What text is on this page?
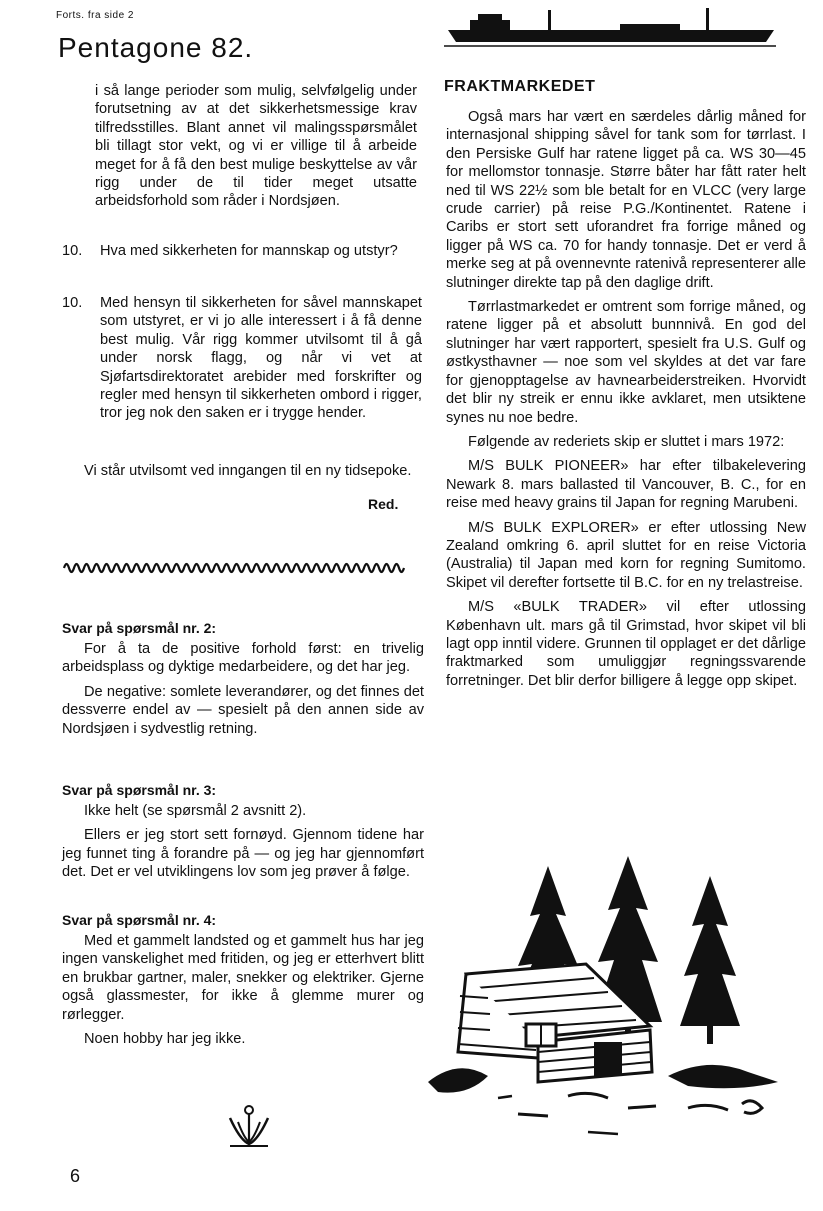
Forts. fra side 2
Pentagone 82.

i så lange perioder som mulig, selvfølgelig under forutsetning av at det sikkerhetsmessige krav tilfredsstilles. Blant annet vil malingsspørsmålet bli tillagt stor vekt, og vi er villige til å arbeide meget for å få den best mulige beskyttelse av vår rigg under de til tider meget utsatte arbeidsforhold som råder i Nordsjøen.

10. Hva med sikkerheten for mannskap og utstyr?
10. Med hensyn til sikkerheten for såvel mannskapet som utstyret, er vi jo alle interessert i å få denne best mulig. Vår rigg kommer utvilsomt til å gå under norsk flagg, og når vi vet at Sjøfartsdirektoratet arebider med forskrifter og regler med hensyn til sikkerheten ombord i rigger, tror jeg nok den saken er i trygge hender.

Vi står utvilsomt ved inngangen til en ny tidsepoke.

Red.
Svar på spørsmål nr. 2:

For å ta de positive forhold først: en trivelig arbeidsplass og dyktige medarbeidere, og det har jeg.

De negative: somlete leverandører, og det finnes det dessverre endel av — spesielt på den annen side av Nordsjøen i sydvestlig retning.

Svar på spørsmål nr. 3:

Ikke helt (se spørsmål 2 avsnitt 2).

Ellers er jeg stort sett fornøyd. Gjennom tidene har jeg funnet ting å forandre på — og jeg har gjennomført det. Det er vel utviklingens lov som jeg prøver å følge.

Svar på spørsmål nr. 4:

Med et gammelt landsted og et gammelt hus har jeg ingen vanskelighet med fritiden, og jeg er etterhvert blitt en brukbar gartner, maler, snekker og elektriker. Gjerne også glassmester, for ikke å glemme murer og rørlegger.

Noen hobby har jeg ikke.

6
FRAKTMARKEDET

Også mars har vært en særdeles dårlig måned for internasjonal shipping såvel for tank som for tørrlast. I den Persiske Gulf har ratene ligget på ca. WS 30—45 for mellomstor tonnasje. Større båter har fått rater helt ned til WS 22½ som ble betalt for en VLCC (very large crude carrier) på reise P.G./Kontinentet. Ratene i Caribs er stort sett uforandret fra forrige måned og ligger på WS ca. 70 for handy tonnasje. Det er verd å merke seg at på ovennevnte ratenivå representerer alle slutninger direkte tap på den daglige drift.

Tørrlastmarkedet er omtrent som forrige måned, og ratene ligger på et absolutt bunnnivå. En god del slutninger har vært rapportert, spesielt fra U.S. Gulf og østkysthavner — noe som vel skyldes at det var fare for gjenopptagelse av havnearbeiderstreiken. Hvorvidt det blir ny streik er ennu ikke avklaret, men utsiktene synes nu noe bedre.

Følgende av rederiets skip er sluttet i mars 1972:

M/S BULK PIONEER» har efter tilbakelevering Newark 8. mars ballasted til Vancouver, B. C., for en reise med heavy grains til Japan for regning Marubeni.

M/S BULK EXPLORER» er efter utlossing New Zealand omkring 6. april sluttet for en reise Victoria (Australia) til Japan med korn for regning Sumitomo. Skipet vil derefter fortsette til B.C. for en ny trelastreise.

M/S «BULK TRADER» vil efter utlossing København ult. mars gå til Grimstad, hvor skipet vil bli lagt opp inntil videre. Grunnen til opplaget er det dårlige fraktmarked som umuliggjør regningssvarende forretninger. Det blir derfor billigere å legge opp skipet.
